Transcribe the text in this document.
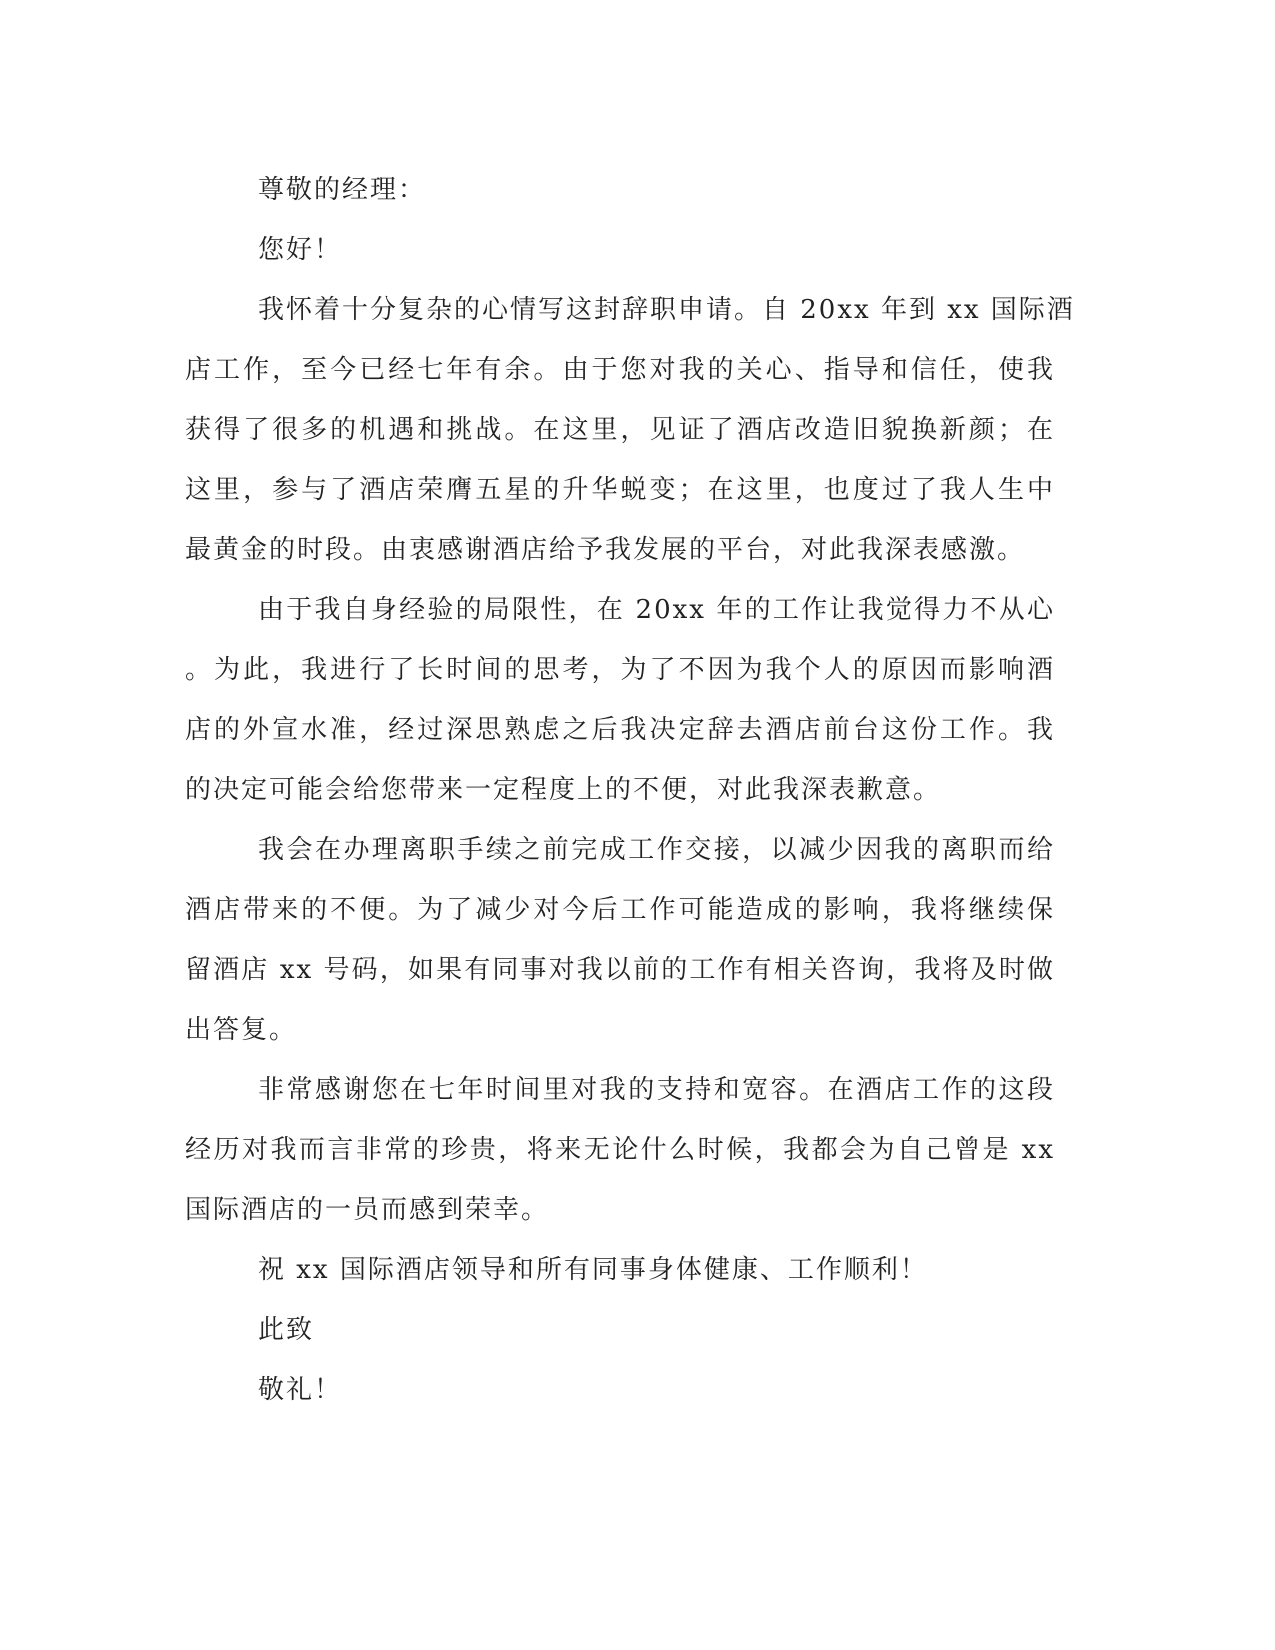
尊敬的经理：
您好！
我怀着十分复杂的心情写这封辞职申请。自 20xx 年到 xx 国际酒
店工作，至今已经七年有余。由于您对我的关心、指导和信任，使我
获得了很多的机遇和挑战。在这里，见证了酒店改造旧貌换新颜；在
这里，参与了酒店荣膺五星的升华蜕变；在这里，也度过了我人生中
最黄金的时段。由衷感谢酒店给予我发展的平台，对此我深表感激。
由于我自身经验的局限性，在 20xx 年的工作让我觉得力不从心
。为此，我进行了长时间的思考，为了不因为我个人的原因而影响酒
店的外宣水准，经过深思熟虑之后我决定辞去酒店前台这份工作。我
的决定可能会给您带来一定程度上的不便，对此我深表歉意。
我会在办理离职手续之前完成工作交接，以减少因我的离职而给
酒店带来的不便。为了减少对今后工作可能造成的影响，我将继续保
留酒店 xx 号码，如果有同事对我以前的工作有相关咨询，我将及时做
出答复。
非常感谢您在七年时间里对我的支持和宽容。在酒店工作的这段
经历对我而言非常的珍贵，将来无论什么时候，我都会为自己曾是 xx
国际酒店的一员而感到荣幸。
祝 xx 国际酒店领导和所有同事身体健康、工作顺利！
此致
敬礼！
